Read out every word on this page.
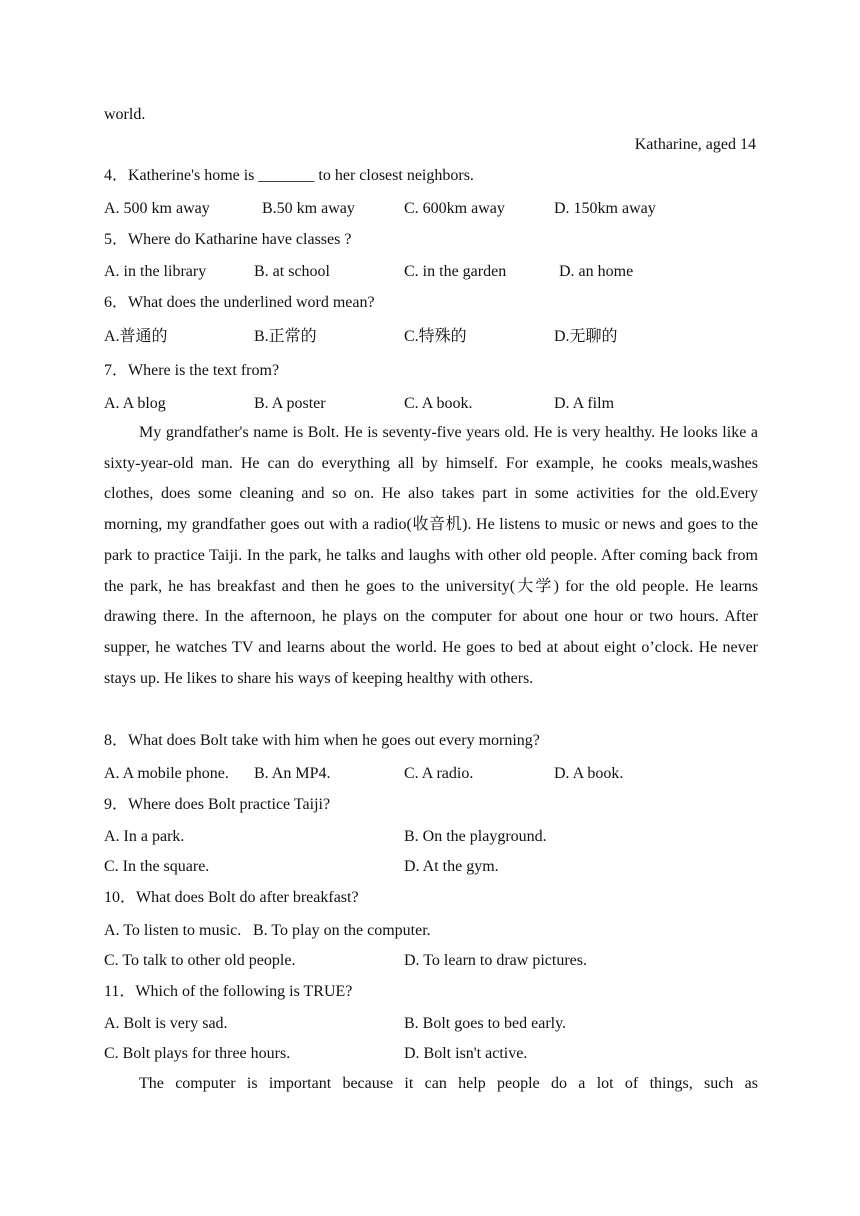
world.
Katharine, aged 14
4．Katherine's home is _______ to her closest neighbors.
A. 500 km away	B.50 km away	C. 600km away	D. 150km away
5．Where do Katharine have classes ?
A. in the library	B. at school	C. in the garden	D. an home
6．What does the underlined word mean?
A.普通的	B.正常的	C.特殊的	D.无聊的
7．Where is the text from?
A. A blog	B. A poster	C. A book.	D. A film
My grandfather's name is Bolt. He is seventy-five years old. He is very healthy. He looks like a sixty-year-old man. He can do everything all by himself. For example, he cooks meals,washes clothes, does some cleaning and so on. He also takes part in some activities for the old.Every morning, my grandfather goes out with a radio(收音机). He listens to music or news and goes to the park to practice Taiji. In the park, he talks and laughs with other old people. After coming back from the park, he has breakfast and then he goes to the university(大学) for the old people. He learns drawing there. In the afternoon, he plays on the computer for about one hour or two hours. After supper, he watches TV and learns about the world. He goes to bed at about eight o’clock. He never stays up. He likes to share his ways of keeping healthy with others.
8．What does Bolt take with him when he goes out every morning?
A. A mobile phone. B. An MP4.	C. A radio.	D. A book.
9．Where does Bolt practice Taiji?
A. In a park.	B. On the playground.
C. In the square.	D. At the gym.
10．What does Bolt do after breakfast?
A. To listen to music. B. To play on the computer.
C. To talk to other old people.	D. To learn to draw pictures.
11．Which of the following is TRUE?
A. Bolt is very sad.	B. Bolt goes to bed early.
C. Bolt plays for three hours.	D. Bolt isn't active.
The computer is important because it can help people do a lot of things, such as
